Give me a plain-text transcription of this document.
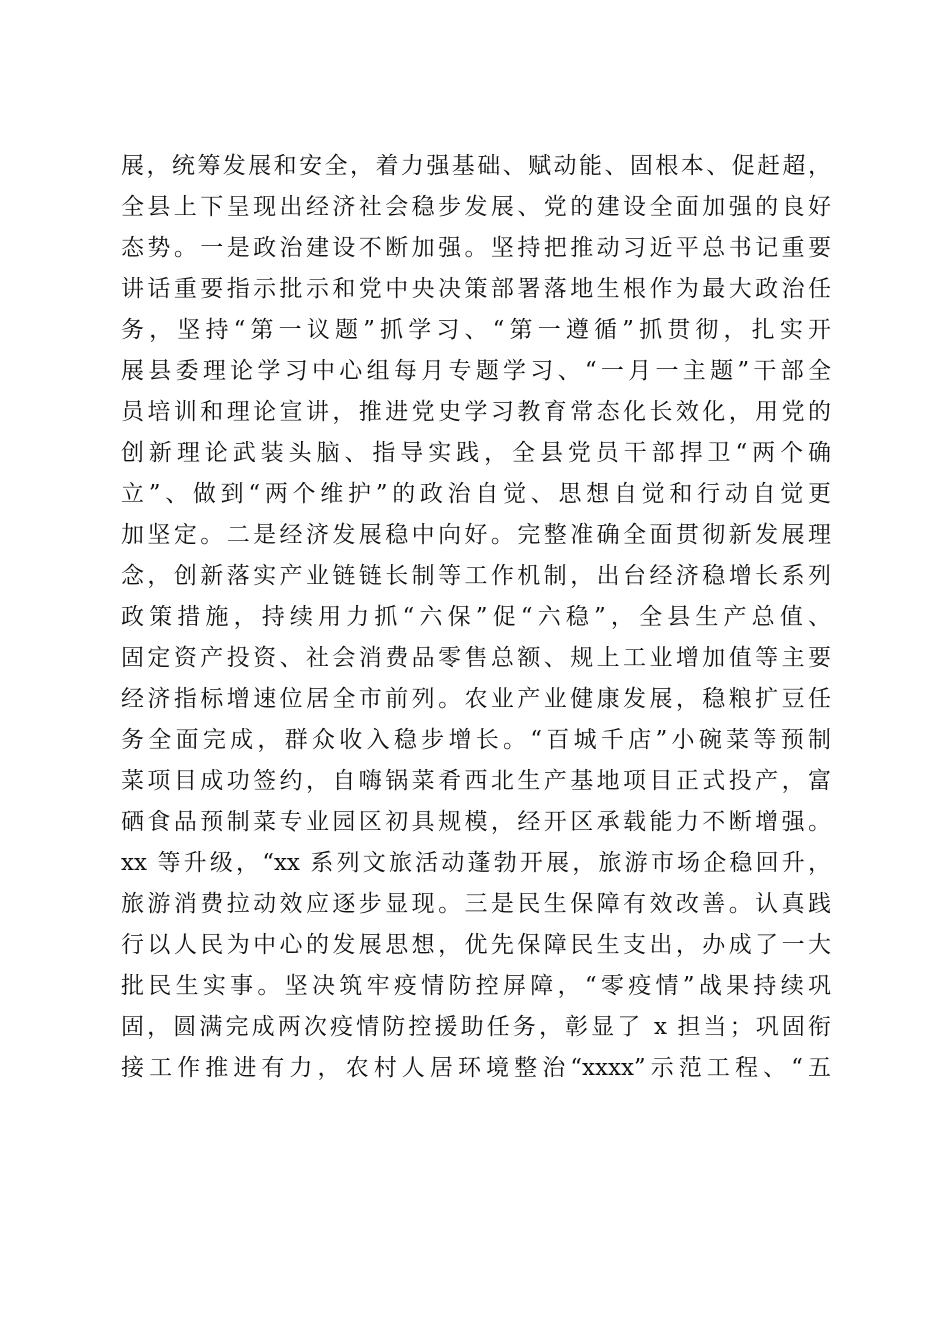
展，统筹发展和安全，着力强基础、赋动能、固根本、促赶超，
全县上下呈现出经济社会稳步发展、党的建设全面加强的良好
态势。一是政治建设不断加强。坚持把推动习近平总书记重要
讲话重要指示批示和党中央决策部署落地生根作为最大政治任
务，坚持“第一议题”抓学习、“第一遵循”抓贯彻，扎实开
展县委理论学习中心组每月专题学习、“一月一主题”干部全
员培训和理论宣讲，推进党史学习教育常态化长效化，用党的
创新理论武装头脑、指导实践，全县党员干部捍卫“两个确
立”、做到“两个维护”的政治自觉、思想自觉和行动自觉更
加坚定。二是经济发展稳中向好。完整准确全面贯彻新发展理
念，创新落实产业链链长制等工作机制，出台经济稳增长系列
政策措施，持续用力抓“六保”促“六稳”，全县生产总值、
固定资产投资、社会消费品零售总额、规上工业增加值等主要
经济指标增速位居全市前列。农业产业健康发展，稳粮扩豆任
务全面完成，群众收入稳步增长。“百城千店”小碗菜等预制
菜项目成功签约，自嗨锅菜肴西北生产基地项目正式投产，富
硒食品预制菜专业园区初具规模，经开区承载能力不断增强。
xx 等升级，“xx 系列文旅活动蓬勃开展，旅游市场企稳回升，
旅游消费拉动效应逐步显现。三是民生保障有效改善。认真践
行以人民为中心的发展思想，优先保障民生支出，办成了一大
批民生实事。坚决筑牢疫情防控屏障，“零疫情”战果持续巩
固，圆满完成两次疫情防控援助任务，彰显了 x 担当；巩固衔
接工作推进有力，农村人居环境整治“xxxx”示范工程、“五
